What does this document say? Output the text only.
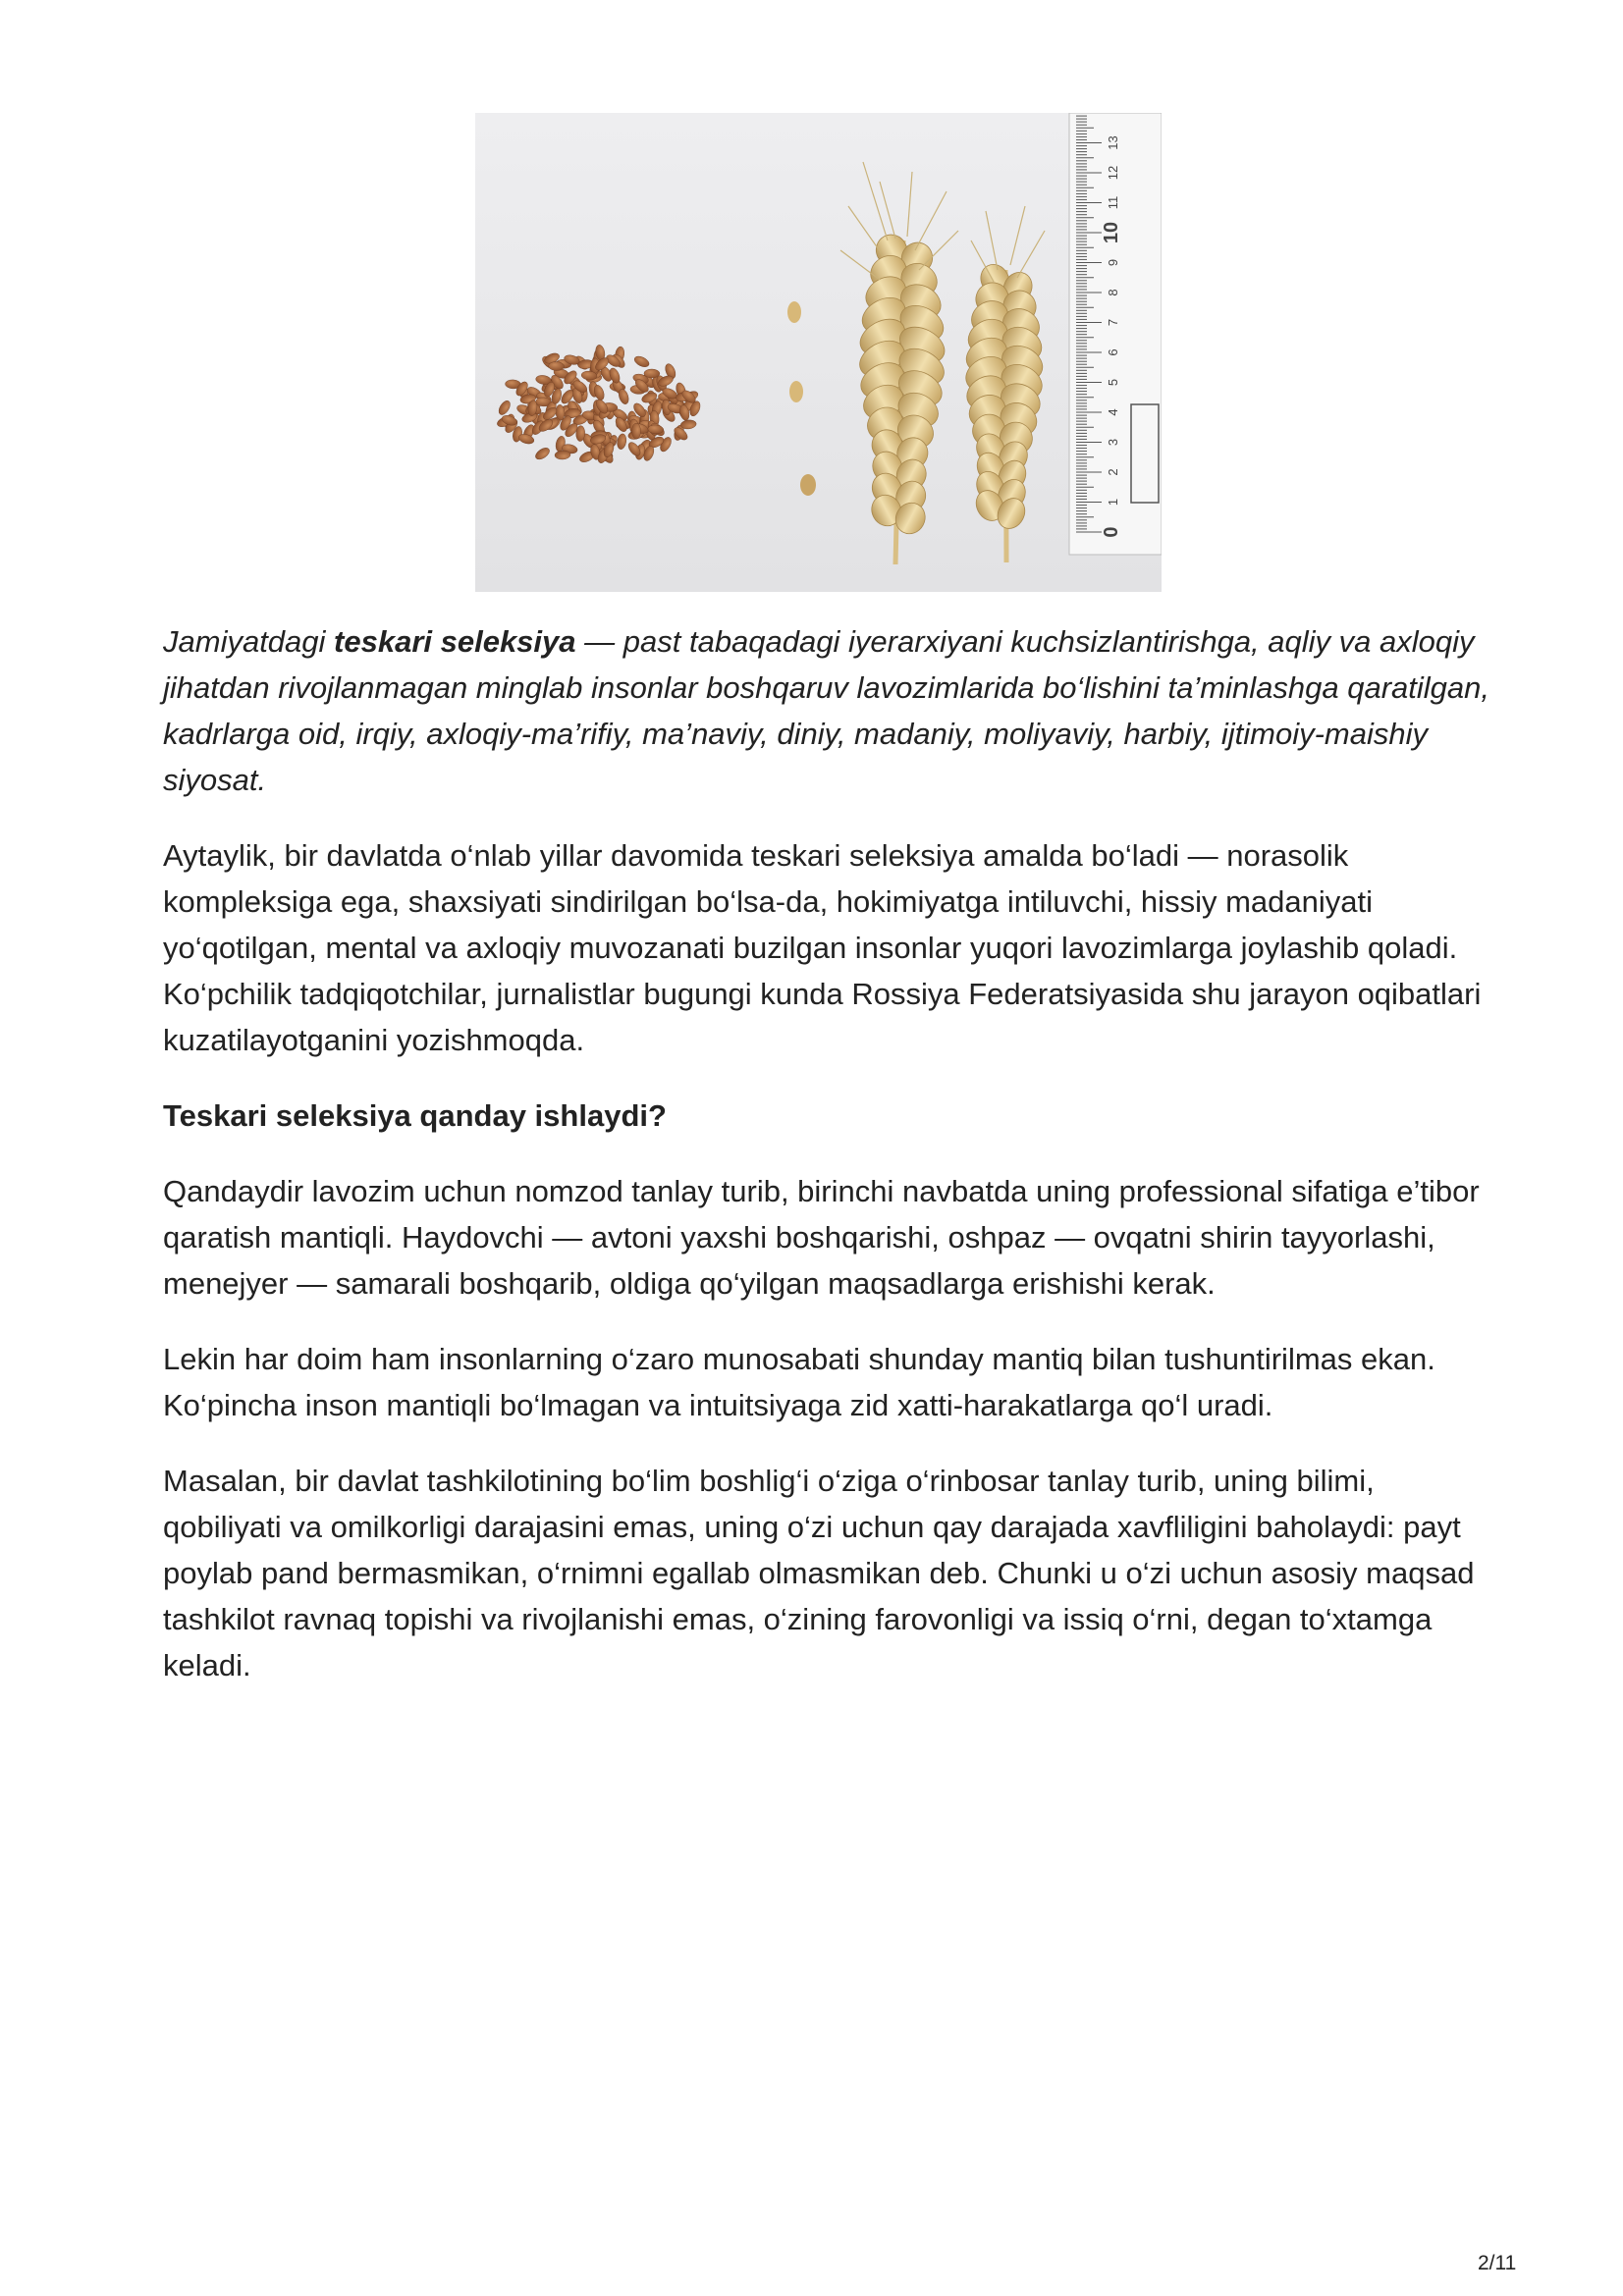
0
1
2
3
4
5
6
7
8
9
10
11
12
13

Jamiyatdagi teskari seleksiya — past tabaqadagi iyerarxiyani kuchsizlantirishga, aqliy va axloqiy jihatdan rivojlanmagan minglab insonlar boshqaruv lavozimlarida bo‘lishini ta’minlashga qaratilgan, kadrlarga oid, irqiy, axloqiy-ma’rifiy, ma’naviy, diniy, madaniy, moliyaviy, harbiy, ijtimoiy-maishiy siyosat.

Aytaylik, bir davlatda o‘nlab yillar davomida teskari seleksiya amalda bo‘ladi — norasolik kompleksiga ega, shaxsiyati sindirilgan bo‘lsa-da, hokimiyatga intiluvchi, hissiy madaniyati yo‘qotilgan, mental va axloqiy muvozanati buzilgan insonlar yuqori lavozimlarga joylashib qoladi. Ko‘pchilik tadqiqotchilar, jurnalistlar bugungi kunda Rossiya Federatsiyasida shu jarayon oqibatlari kuzatilayotganini yozishmoqda.

Teskari seleksiya qanday ishlaydi?

Qandaydir lavozim uchun nomzod tanlay turib, birinchi navbatda uning professional sifatiga e’tibor qaratish mantiqli. Haydovchi — avtoni yaxshi boshqarishi, oshpaz — ovqatni shirin tayyorlashi, menejyer — samarali boshqarib, oldiga qo‘yilgan maqsadlarga erishishi kerak.

Lekin har doim ham insonlarning o‘zaro munosabati shunday mantiq bilan tushuntirilmas ekan. Ko‘pincha inson mantiqli bo‘lmagan va intuitsiyaga zid xatti-harakatlarga qo‘l uradi.

Masalan, bir davlat tashkilotining bo‘lim boshlig‘i o‘ziga o‘rinbosar tanlay turib, uning bilimi, qobiliyati va omilkorligi darajasini emas, uning o‘zi uchun qay darajada xavfliligini baholaydi: payt poylab pand bermasmikan, o‘rnimni egallab olmasmikan deb. Chunki u o‘zi uchun asosiy maqsad tashkilot ravnaq topishi va rivojlanishi emas, o‘zining farovonligi va issiq o‘rni, degan to‘xtamga keladi.

2/11
